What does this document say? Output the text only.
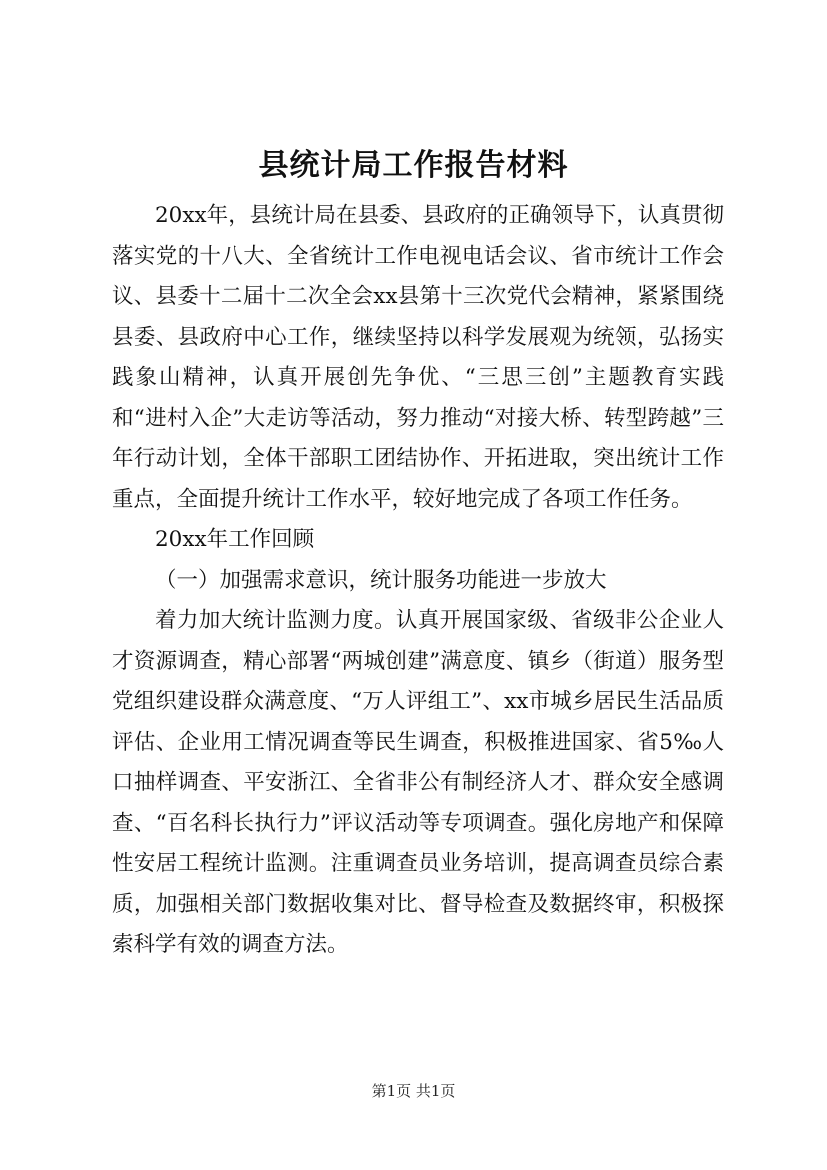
县统计局工作报告材料

20xx年，县统计局在县委、县政府的正确领导下，认真贯彻落实党的十八大、全省统计工作电视电话会议、省市统计工作会议、县委十二届十二次全会xx县第十三次党代会精神，紧紧围绕县委、县政府中心工作，继续坚持以科学发展观为统领，弘扬实践象山精神，认真开展创先争优、“三思三创”主题教育实践和“进村入企”大走访等活动，努力推动“对接大桥、转型跨越”三年行动计划，全体干部职工团结协作、开拓进取，突出统计工作重点，全面提升统计工作水平，较好地完成了各项工作任务。

20xx年工作回顾

（一）加强需求意识，统计服务功能进一步放大

着力加大统计监测力度。认真开展国家级、省级非公企业人才资源调查，精心部署“两城创建”满意度、镇乡（街道）服务型党组织建设群众满意度、“万人评组工”、xx市城乡居民生活品质评估、企业用工情况调查等民生调查，积极推进国家、省5‰人口抽样调查、平安浙江、全省非公有制经济人才、群众安全感调查、“百名科长执行力”评议活动等专项调查。强化房地产和保障性安居工程统计监测。注重调查员业务培训，提高调查员综合素质，加强相关部门数据收集对比、督导检查及数据终审，积极探索科学有效的调查方法。

第1页 共1页
